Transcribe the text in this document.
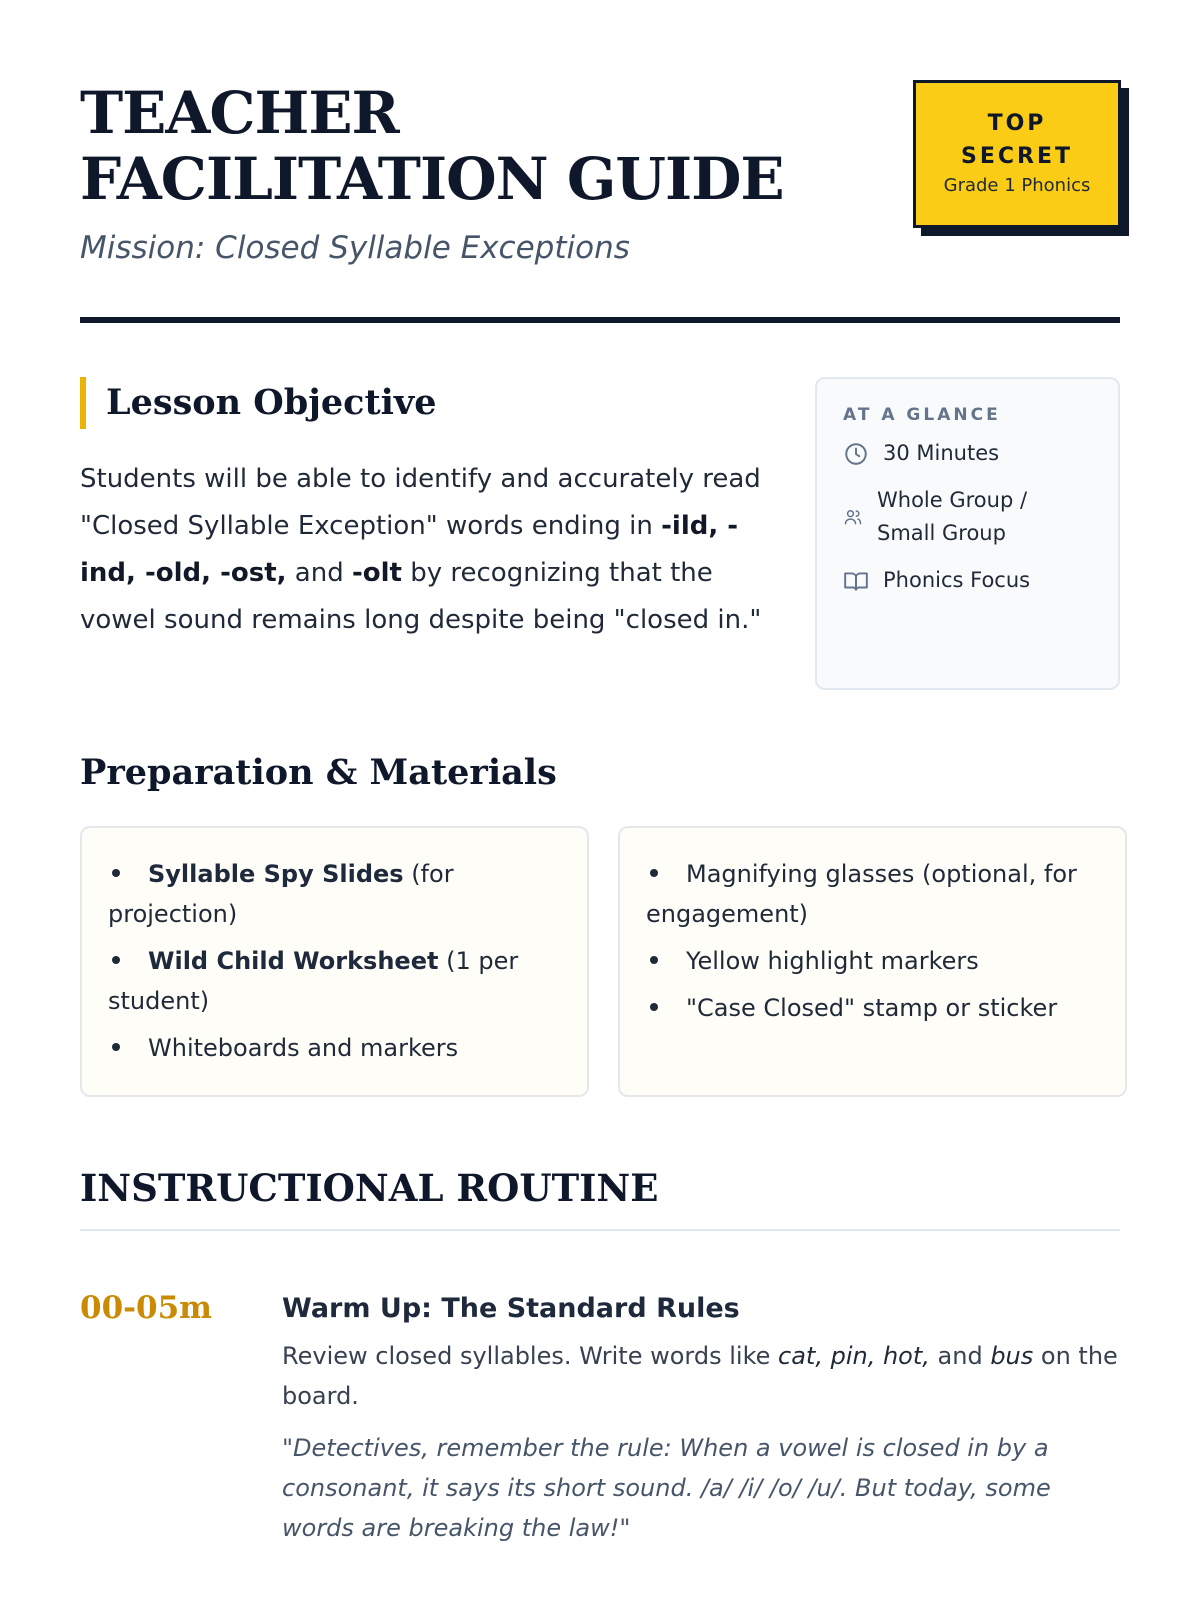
TEACHER FACILITATION GUIDE
Mission: Closed Syllable Exceptions
TOP
SECRET
Grade 1 Phonics
Lesson Objective

Students will be able to identify and accurately read "Closed Syllable Exception" words ending in -ild, -ind, -old, -ost, and -olt by recognizing that the vowel sound remains long despite being "closed in."

AT A GLANCE
30 Minutes
Whole Group / Small Group
Phonics Focus
Preparation & Materials
Syllable Spy Slides (for projection)
Wild Child Worksheet (1 per student)
Whiteboards and markers
Magnifying glasses (optional, for engagement)
Yellow highlight markers
"Case Closed" stamp or sticker
INSTRUCTIONAL ROUTINE
00-05m	Warm Up: The Standard Rules

Review closed syllables. Write words like cat, pin, hot, and bus on the board.

"Detectives, remember the rule: When a vowel is closed in by a consonant, it says its short sound. /a/ /i/ /o/ /u/. But today, some words are breaking the law!"
